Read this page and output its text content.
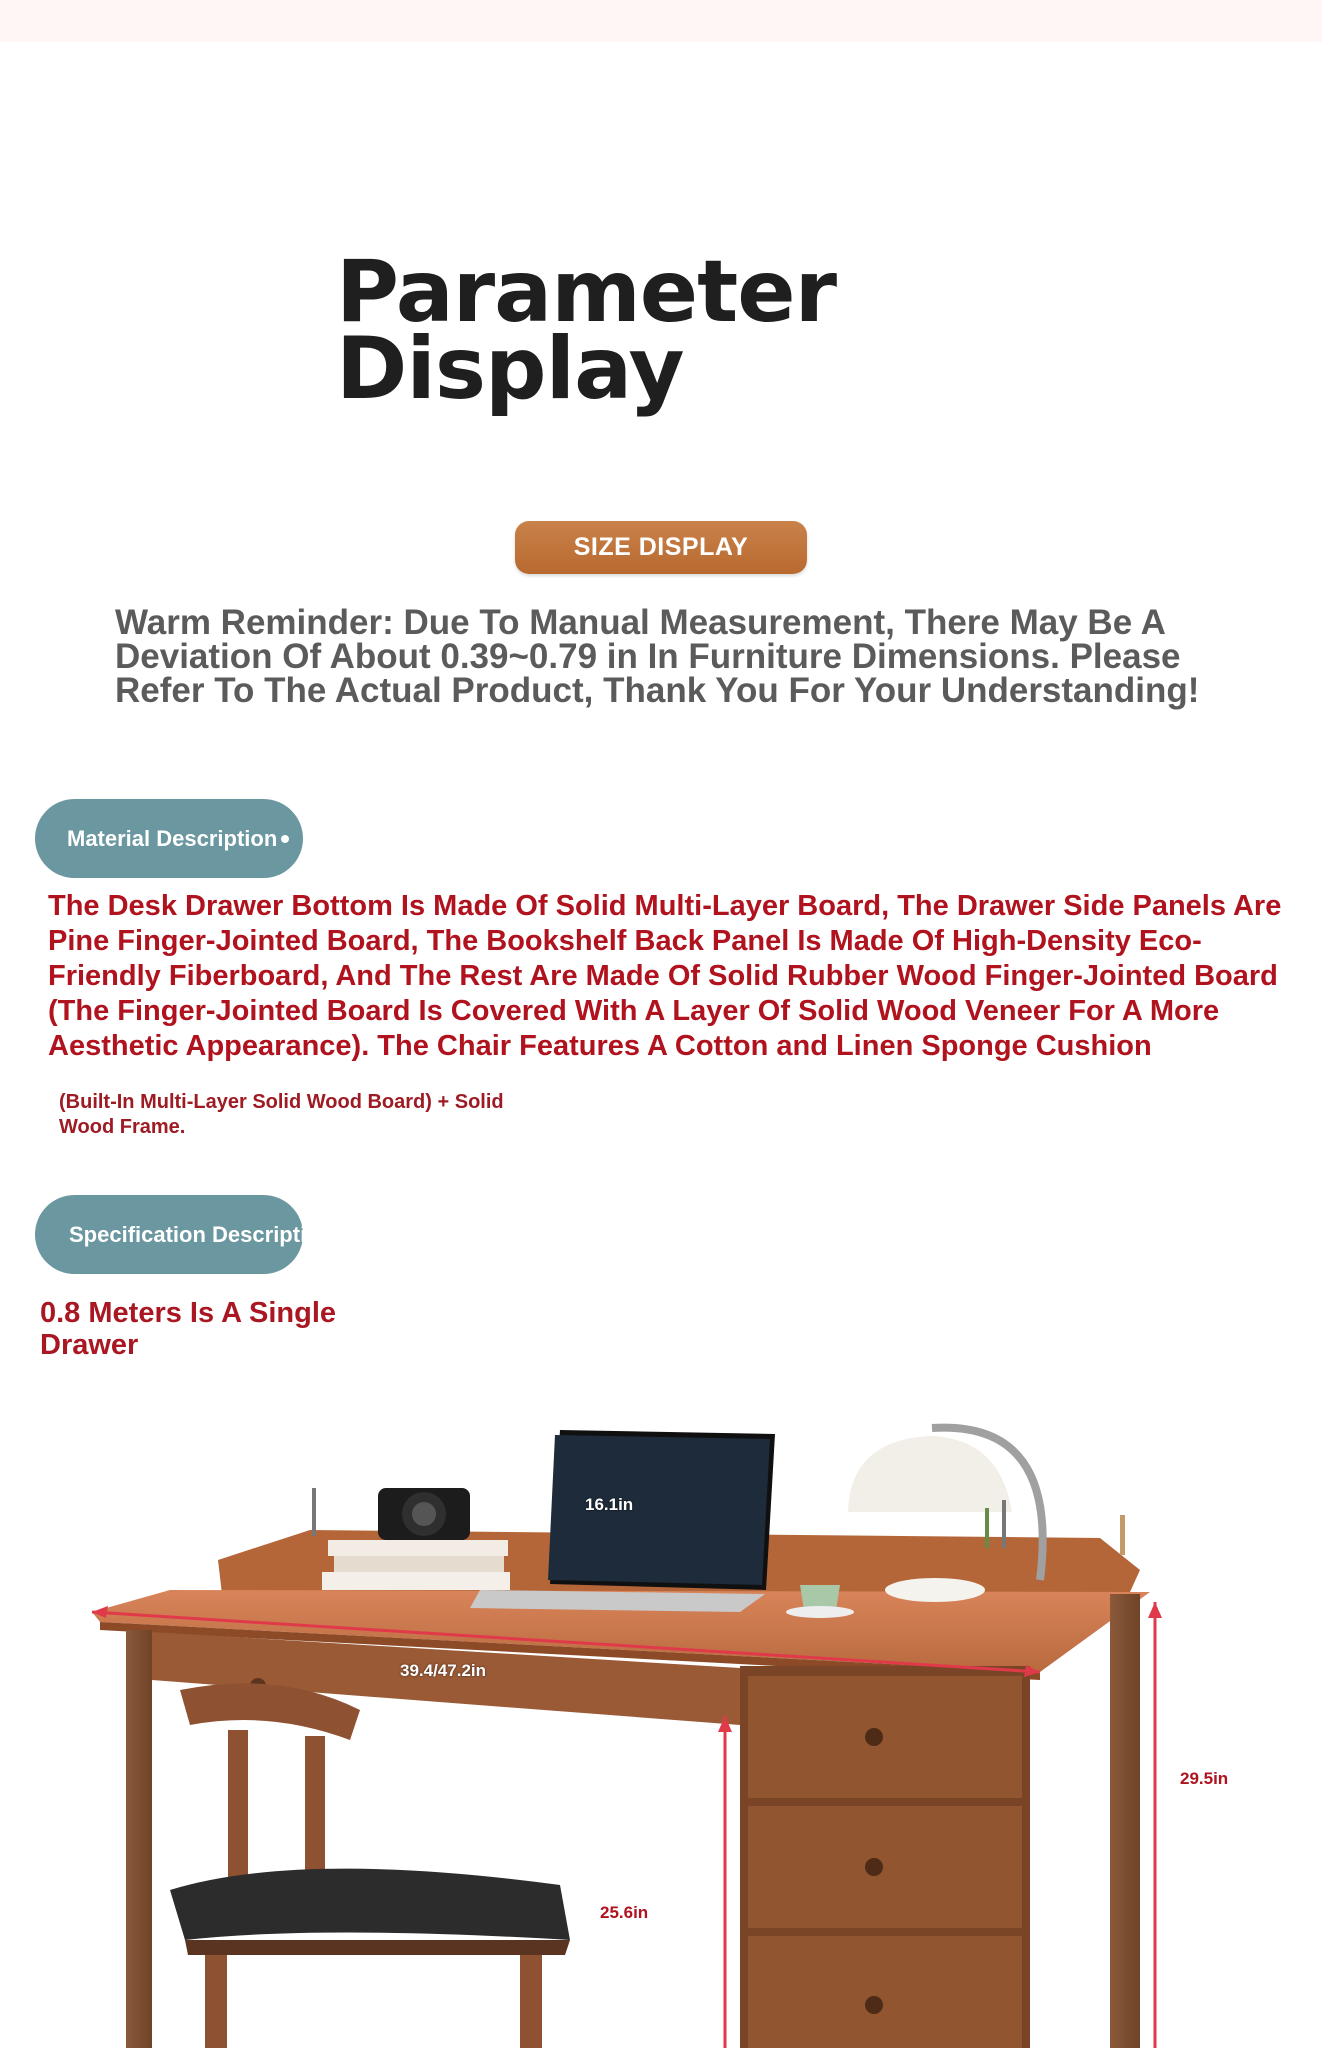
Parameter
Display
SIZE DISPLAY

Warm Reminder: Due To Manual Measurement, There May Be A Deviation Of About 0.39~0.79 in In Furniture Dimensions. Please Refer To The Actual Product, Thank You For Your Understanding!

Material Description

The Desk Drawer Bottom Is Made Of Solid Multi-Layer Board, The Drawer Side Panels Are Pine Finger-Jointed Board, The Bookshelf Back Panel Is Made Of High-Density Eco-Friendly Fiberboard, And The Rest Are Made Of Solid Rubber Wood Finger-Jointed Board (The Finger-Jointed Board Is Covered With A Layer Of Solid Wood Veneer For A More Aesthetic Appearance). The Chair Features A Cotton and Linen Sponge Cushion

(Built-In Multi-Layer Solid Wood Board) + Solid Wood Frame.

Specification Description

0.8 Meters Is A Single Drawer

16.1in
39.4/47.2in
29.5in
25.6in
